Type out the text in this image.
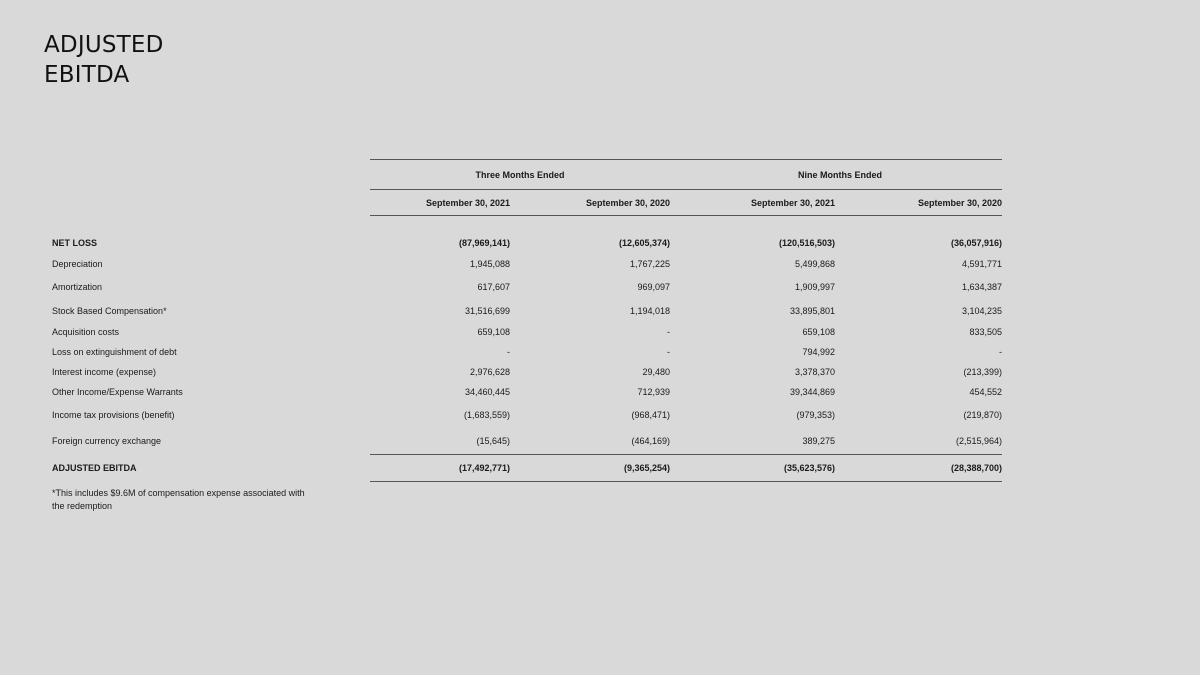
ADJUSTED
EBITDA
Three Months Ended	Nine Months Ended
September 30, 2021	September 30, 2020	September 30, 2021	September 30, 2020
NET LOSS	(87,969,141)	(12,605,374)	(120,516,503)	(36,057,916)
Depreciation	1,945,088	1,767,225	5,499,868	4,591,771
Amortization	617,607	969,097	1,909,997	1,634,387
Stock Based Compensation*	31,516,699	1,194,018	33,895,801	3,104,235
Acquisition costs	659,108	-	659,108	833,505
Loss on extinguishment of debt	-	-	794,992	-
Interest income (expense)	2,976,628	29,480	3,378,370	(213,399)
Other Income/Expense Warrants	34,460,445	712,939	39,344,869	454,552
Income tax provisions (benefit)	(1,683,559)	(968,471)	(979,353)	(219,870)
Foreign currency exchange	(15,645)	(464,169)	389,275	(2,515,964)
ADJUSTED EBITDA	(17,492,771)	(9,365,254)	(35,623,576)	(28,388,700)
*This includes $9.6M of compensation expense associated with the redemption
